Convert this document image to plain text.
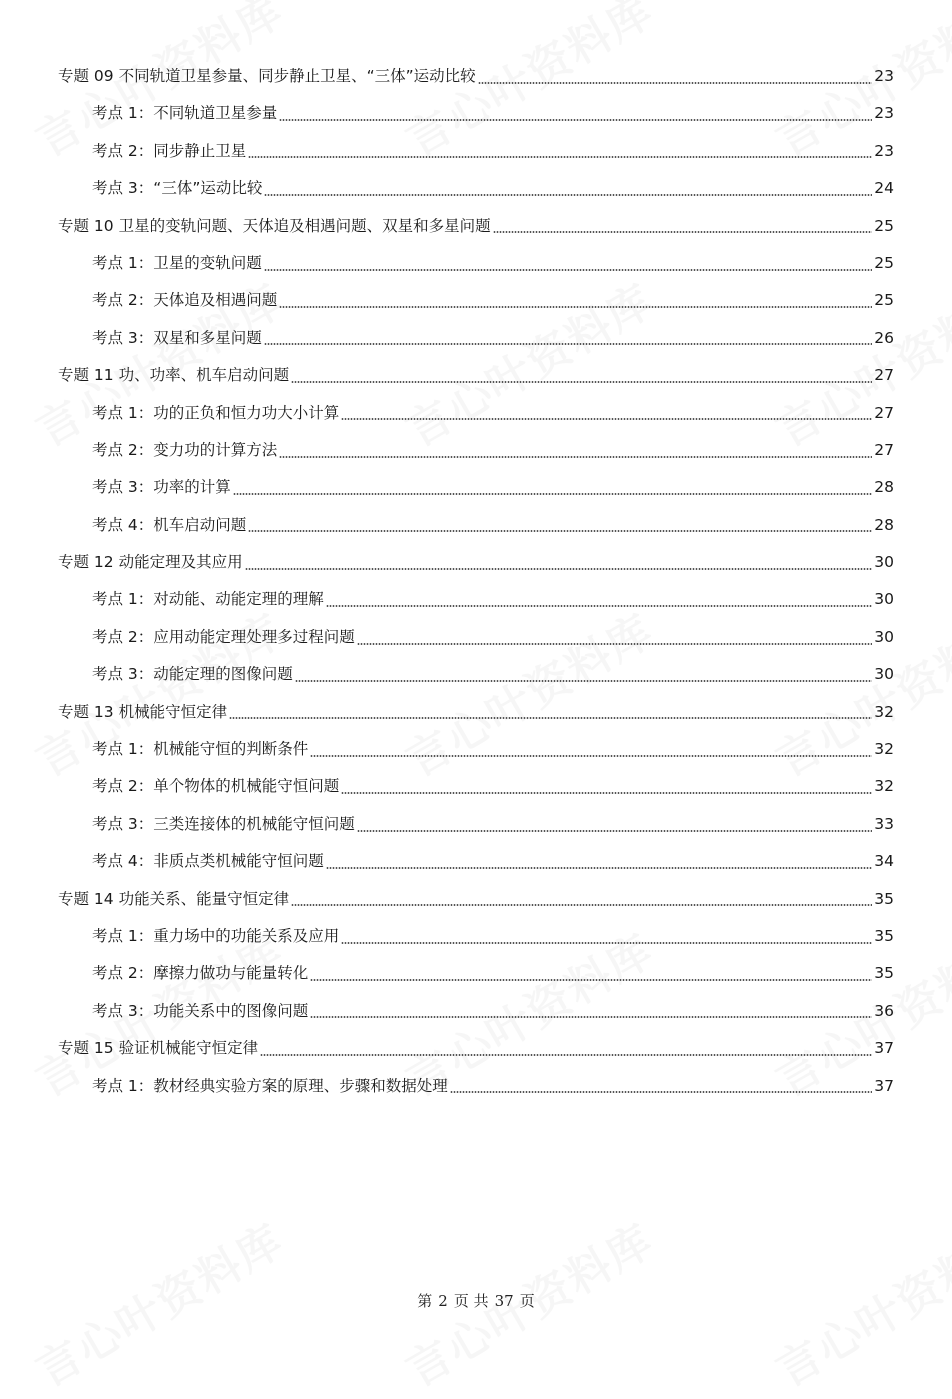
专题 09 不同轨道卫星参量、同步静止卫星、“三体”运动比较	23
考点 1：不同轨道卫星参量	23
考点 2：同步静止卫星	23
考点 3：“三体”运动比较	24
专题 10 卫星的变轨问题、天体追及相遇问题、双星和多星问题	25
考点 1：卫星的变轨问题	25
考点 2：天体追及相遇问题	25
考点 3：双星和多星问题	26
专题 11 功、功率、机车启动问题	27
考点 1：功的正负和恒力功大小计算	27
考点 2：变力功的计算方法	27
考点 3：功率的计算	28
考点 4：机车启动问题	28
专题 12 动能定理及其应用	30
考点 1：对动能、动能定理的理解	30
考点 2：应用动能定理处理多过程问题	30
考点 3：动能定理的图像问题	30
专题 13 机械能守恒定律	32
考点 1：机械能守恒的判断条件	32
考点 2：单个物体的机械能守恒问题	32
考点 3：三类连接体的机械能守恒问题	33
考点 4：非质点类机械能守恒问题	34
专题 14 功能关系、能量守恒定律	35
考点 1：重力场中的功能关系及应用	35
考点 2：摩擦力做功与能量转化	35
考点 3：功能关系中的图像问题	36
专题 15 验证机械能守恒定律	37
考点 1：教材经典实验方案的原理、步骤和数据处理	37
第 2 页 共 37 页
